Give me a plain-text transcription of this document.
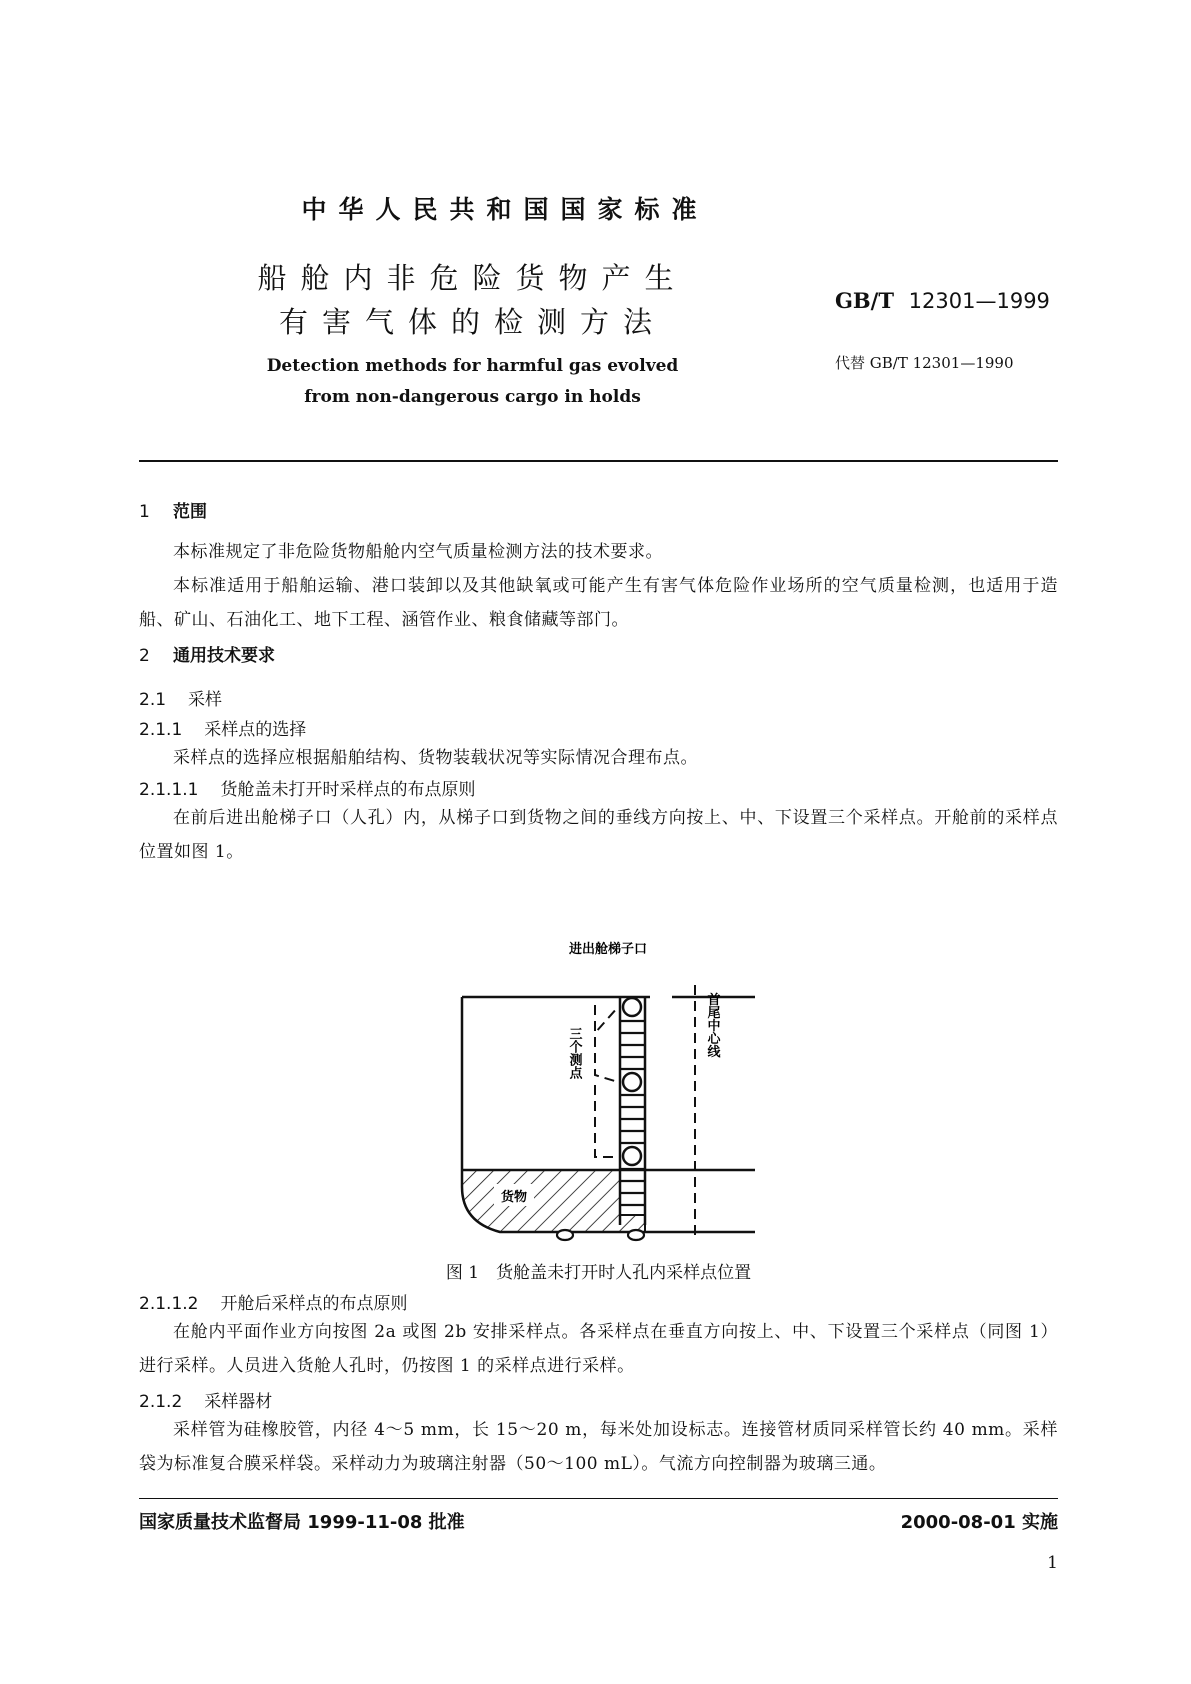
中华人民共和国国家标准
船舱内非危险货物产生
有害气体的检测方法
GB/T 12301—1999
代替 GB/T 12301—1990
Detection methods for harmful gas evolved
from non-dangerous cargo in holds
1 范围
本标准规定了非危险货物船舱内空气质量检测方法的技术要求。
本标准适用于船舶运输、港口装卸以及其他缺氧或可能产生有害气体危险作业场所的空气质量检测，也适用于造船、矿山、石油化工、地下工程、涵管作业、粮食储藏等部门。
2 通用技术要求
2.1 采样
2.1.1 采样点的选择
采样点的选择应根据船舶结构、货物装载状况等实际情况合理布点。
2.1.1.1 货舱盖未打开时采样点的布点原则
在前后进出舱梯子口（人孔）内，从梯子口到货物之间的垂线方向按上、中、下设置三个采样点。开舱前的采样点位置如图 1。
货物
进出舱梯子口
三个测点	首尾中心线
图 1　货舱盖未打开时人孔内采样点位置
2.1.1.2 开舱后采样点的布点原则
在舱内平面作业方向按图 2a 或图 2b 安排采样点。各采样点在垂直方向按上、中、下设置三个采样点（同图 1）进行采样。人员进入货舱人孔时，仍按图 1 的采样点进行采样。
2.1.2 采样器材
采样管为硅橡胶管，内径 4～5 mm，长 15～20 m，每米处加设标志。连接管材质同采样管长约 40 mm。采样袋为标准复合膜采样袋。采样动力为玻璃注射器（50～100 mL）。气流方向控制器为玻璃三通。
国家质量技术监督局 1999-11-08 批准	2000-08-01 实施
1
